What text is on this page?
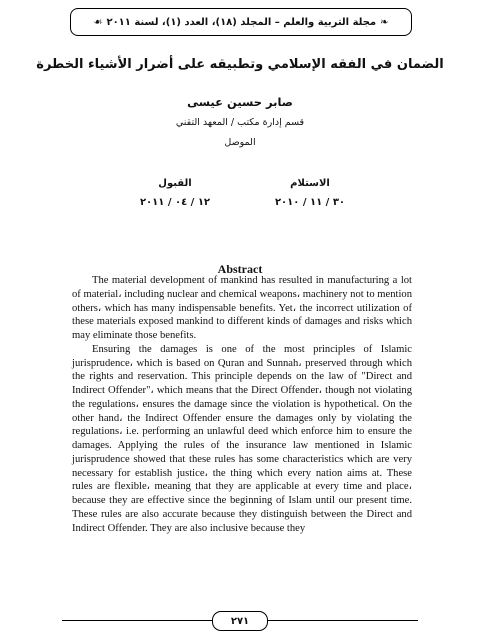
❧
مجلة التربية والعلم – المجلد (١٨)، العدد (١)، لسنة ٢٠١١
☙
الضمان في الفقه الإسلامي وتطبيقه على أضرار الأشياء الخطرة
صابر حسين عيسى
قسم إدارة مكتب / المعهد التقني
الموصل
الاستلام
٣٠ / ١١ / ٢٠١٠
القبول
١٢ / ٠٤ / ٢٠١١
Abstract

The material development of mankind has resulted in manufacturing a lot of material، including nuclear and chemical weapons، machinery not to mention others، which has many indispensable benefits. Yet، the incorrect utilization of these materials exposed mankind to different kinds of damages and risks which may eliminate those benefits.

Ensuring the damages is one of the most principles of Islamic jurisprudence، which is based on Quran and Sunnah، preserved through which the rights and reservation. This principle depends on the law of "Direct and Indirect Offender"، which means that the Direct Offender، though not violating the regulations، ensures the damage since the violation is hypothetical. On the other hand، the Indirect Offender ensure the damages only by violating the regulations، i.e. performing an unlawful deed which enforce him to ensure the damages. Applying the rules of the insurance law mentioned in Islamic jurisprudence showed that these rules has some characteristics which are very necessary for establish justice، the thing which every nation aims at. These rules are flexible، meaning that they are applicable at every time and place، because they are effective since the beginning of Islam until our present time. These rules are also accurate because they distinguish between the Direct and Indirect Offender. They are also inclusive because they

٢٧١
